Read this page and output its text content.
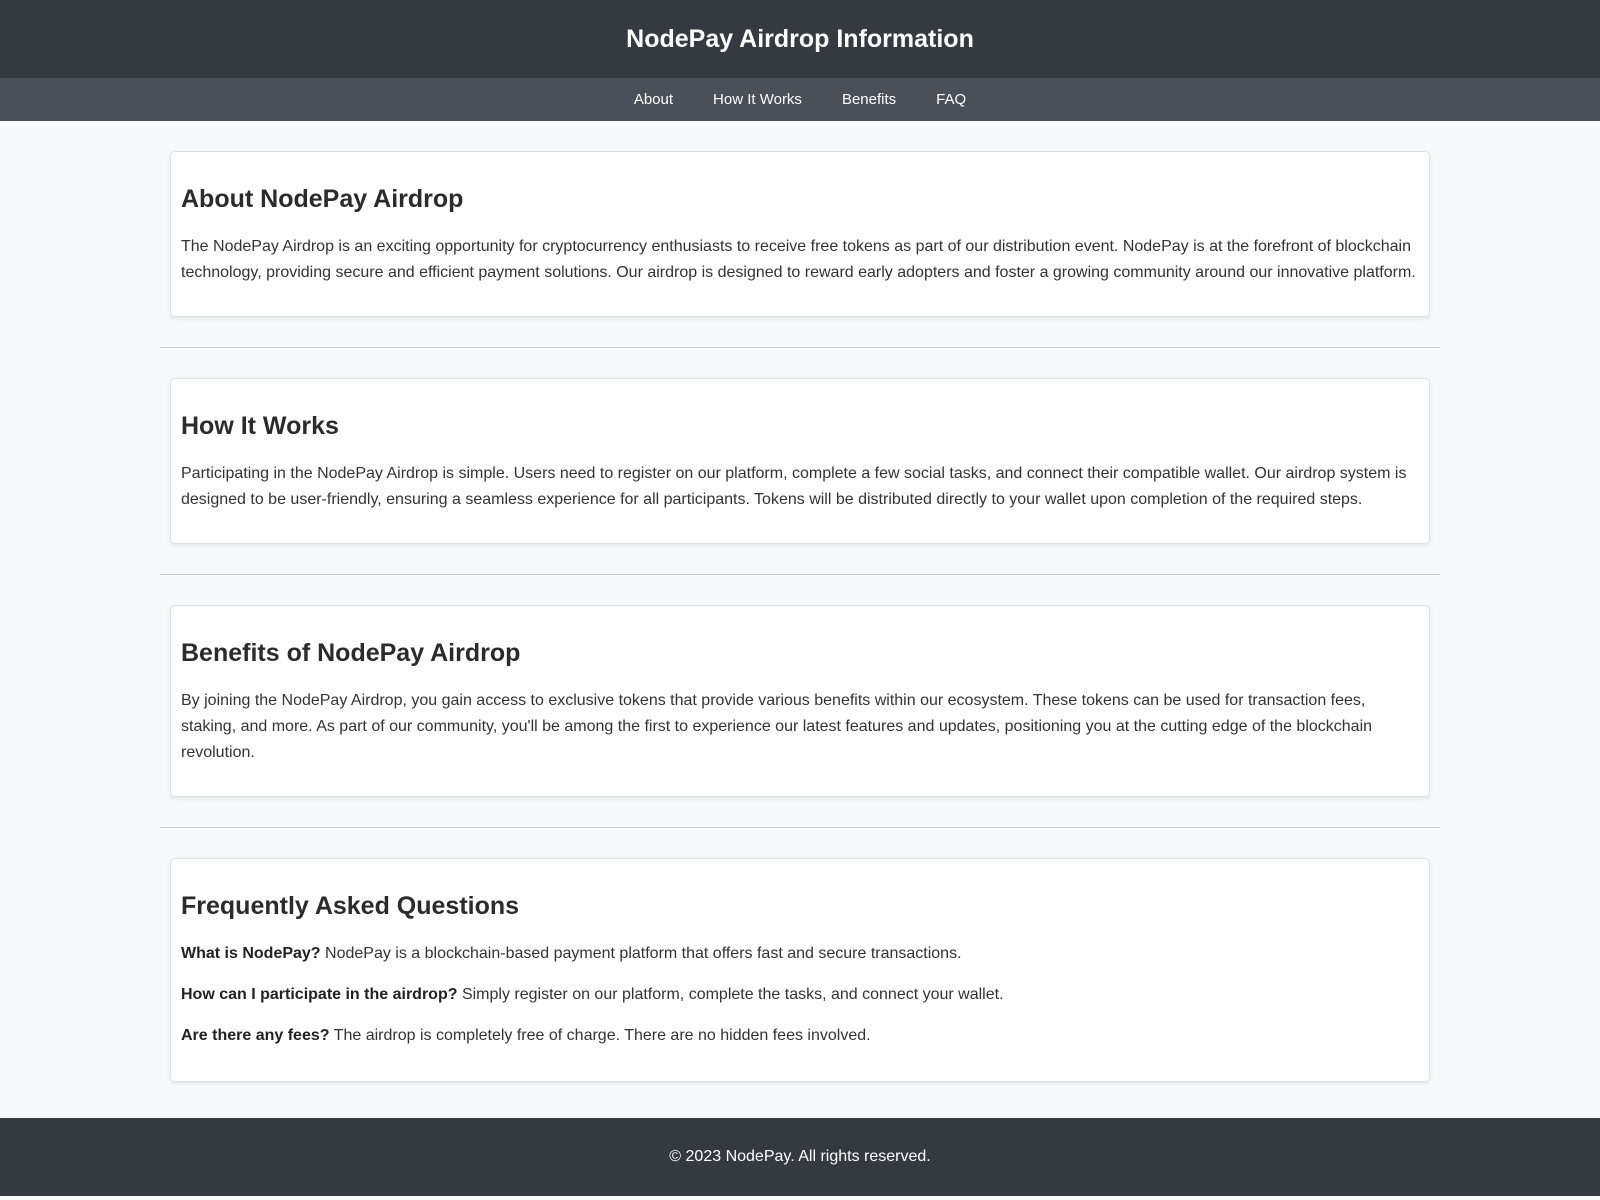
NodePay Airdrop Information
About	How It Works	Benefits	FAQ
About NodePay Airdrop

The NodePay Airdrop is an exciting opportunity for cryptocurrency enthusiasts to receive free tokens as part of our distribution event. NodePay is at the forefront of blockchain technology, providing secure and efficient payment solutions. Our airdrop is designed to reward early adopters and foster a growing community around our innovative platform.

How It Works

Participating in the NodePay Airdrop is simple. Users need to register on our platform, complete a few social tasks, and connect their compatible wallet. Our airdrop system is designed to be user-friendly, ensuring a seamless experience for all participants. Tokens will be distributed directly to your wallet upon completion of the required steps.

Benefits of NodePay Airdrop

By joining the NodePay Airdrop, you gain access to exclusive tokens that provide various benefits within our ecosystem. These tokens can be used for transaction fees, staking, and more. As part of our community, you'll be among the first to experience our latest features and updates, positioning you at the cutting edge of the blockchain revolution.

Frequently Asked Questions

What is NodePay? NodePay is a blockchain-based payment platform that offers fast and secure transactions.

How can I participate in the airdrop? Simply register on our platform, complete the tasks, and connect your wallet.

Are there any fees? The airdrop is completely free of charge. There are no hidden fees involved.

© 2023 NodePay. All rights reserved.
